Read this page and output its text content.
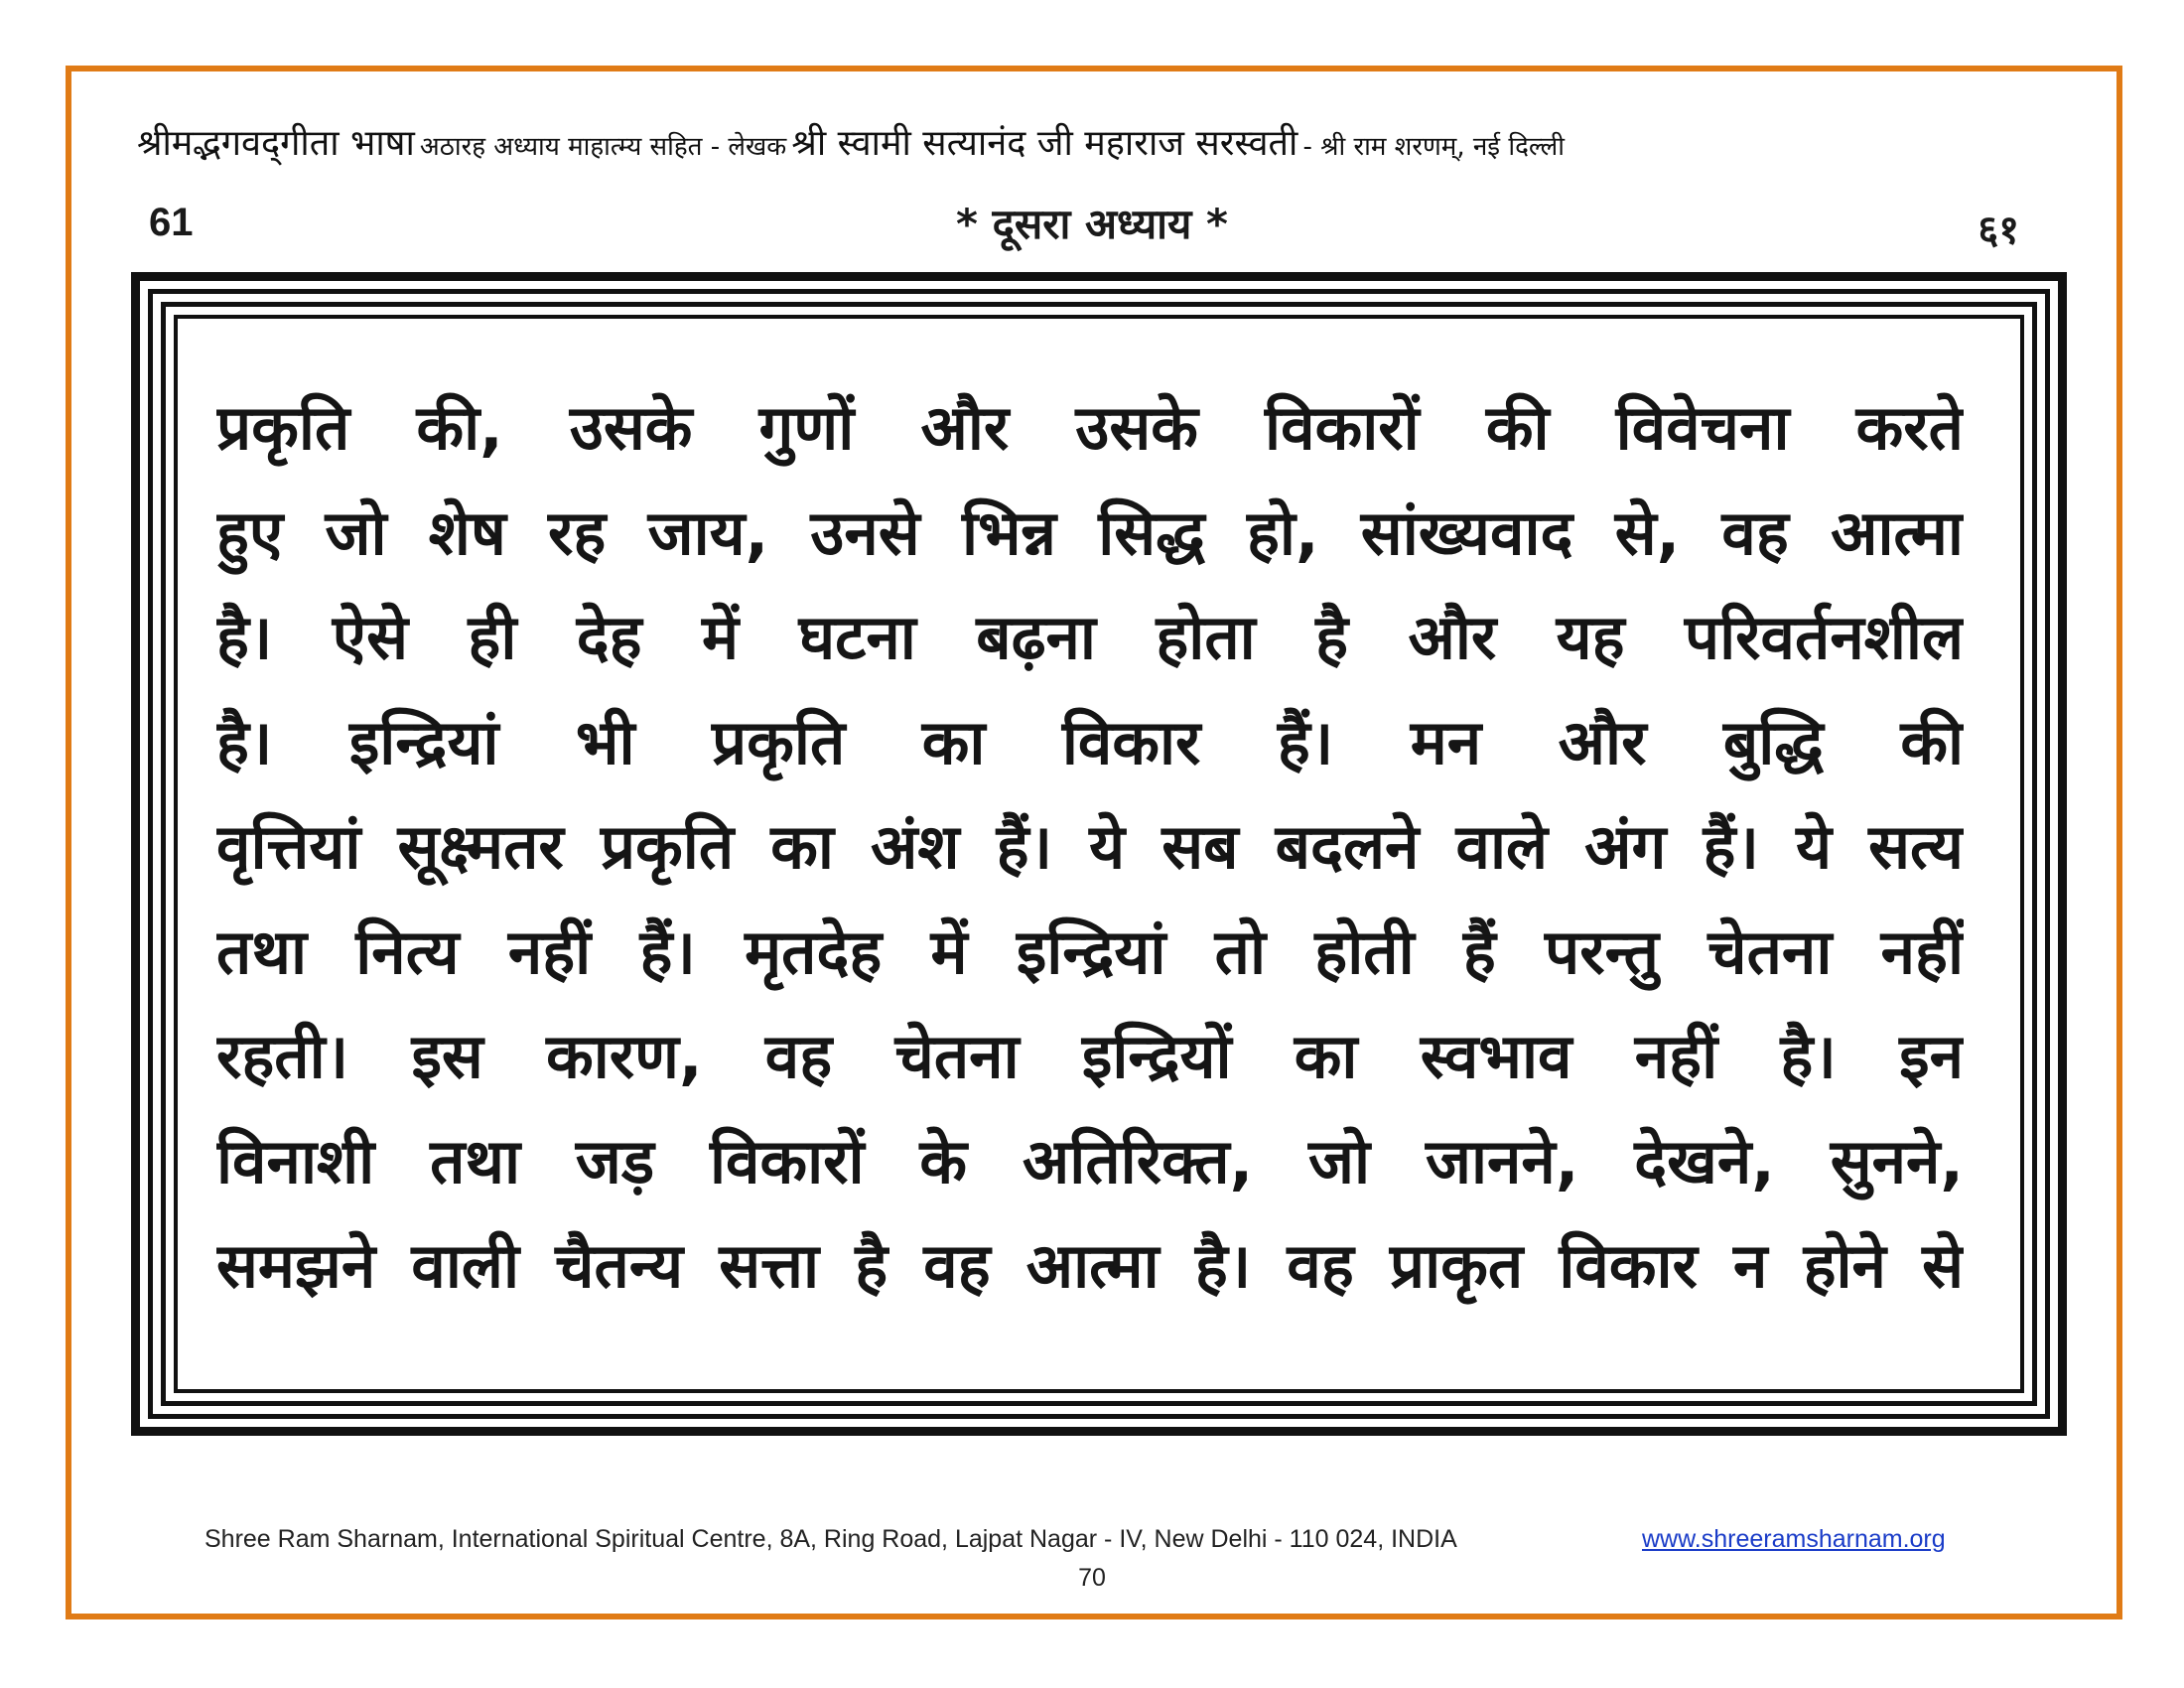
श्रीमद्भगवद्‌गीता भाषा अठारह अध्याय माहात्म्य सहित - लेखक श्री स्वामी सत्यानंद जी महाराज सरस्वती - श्री राम शरणम्, नई दिल्ली
61	* दूसरा अध्याय *	६१
प्रकृति की, उसके गुणों और उसके विकारों की विवेचना करते
हुए जो शेष रह जाय, उनसे भिन्न सिद्ध हो, सांख्यवाद से, वह आत्मा
है। ऐसे ही देह में घटना बढ़ना होता है और यह परिवर्तनशील
है। इन्द्रियां भी प्रकृति का विकार हैं। मन और बुद्धि की
वृत्तियां सूक्ष्मतर प्रकृति का अंश हैं। ये सब बदलने वाले अंग हैं। ये सत्य
तथा नित्य नहीं हैं। मृतदेह में इन्द्रियां तो होती हैं परन्तु चेतना नहीं
रहती। इस कारण, वह चेतना इन्द्रियों का स्वभाव नहीं है। इन
विनाशी तथा जड़ विकारों के अतिरिक्त, जो जानने, देखने, सुनने,
समझने वाली चैतन्य सत्ता है वह आत्मा है। वह प्राकृत विकार न होने से
Shree Ram Sharnam, International Spiritual Centre, 8A, Ring Road, Lajpat Nagar - IV, New Delhi - 110 024, INDIA	www.shreeramsharnam.org
70
